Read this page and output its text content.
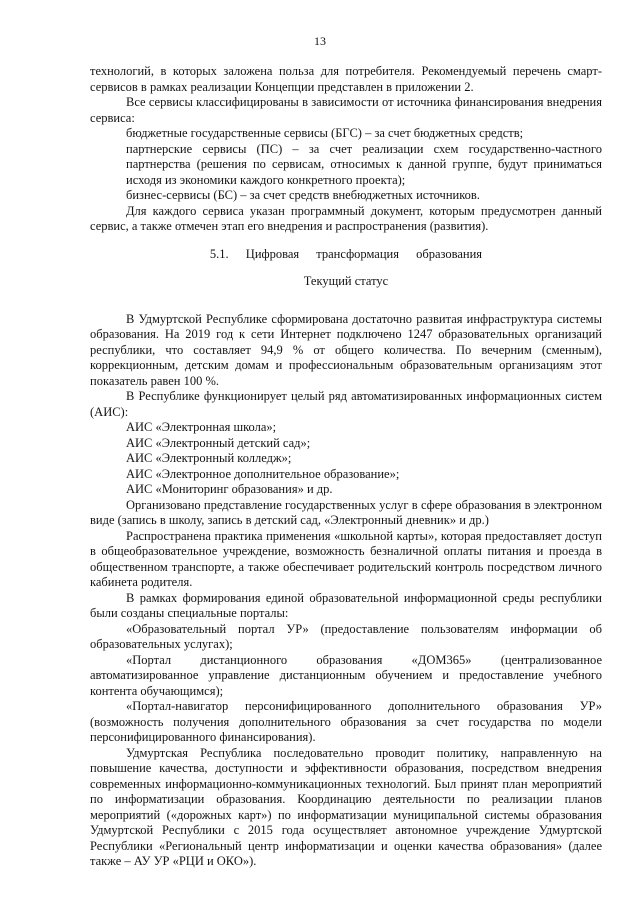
13

технологий, в которых заложена польза для потребителя. Рекомендуемый перечень смарт-сервисов в рамках реализации Концепции представлен в приложении 2.

Все сервисы классифицированы в зависимости от источника финансирования внедрения сервиса:

бюджетные государственные сервисы (БГС) – за счет бюджетных средств;

партнерские сервисы (ПС) – за счет реализации схем государственно-частного партнерства (решения по сервисам, относимых к данной группе, будут приниматься исходя из экономики каждого конкретного проекта);

бизнес-сервисы (БС) – за счет средств внебюджетных источников.

Для каждого сервиса указан программный документ, которым предусмотрен данный сервис, а также отмечен этап его внедрения и распространения (развития).

5.1. Цифровая трансформация образования

Текущий статус

В Удмуртской Республике сформирована достаточно развитая инфраструктура системы образования. На 2019 год к сети Интернет подключено 1247 образовательных организаций республики, что составляет 94,9 % от общего количества. По вечерним (сменным), коррекционным, детским домам и профессиональным образовательным организациям этот показатель равен 100 %.

В Республике функционирует целый ряд автоматизированных информационных систем (АИС):

АИС «Электронная школа»;

АИС «Электронный детский сад»;

АИС «Электронный колледж»;

АИС «Электронное дополнительное образование»;

АИС «Мониторинг образования» и др.

Организовано представление государственных услуг в сфере образования в электронном виде (запись в школу, запись в детский сад, «Электронный дневник» и др.)

Распространена практика применения «школьной карты», которая предоставляет доступ в общеобразовательное учреждение, возможность безналичной оплаты питания и проезда в общественном транспорте, а также обеспечивает родительский контроль посредством личного кабинета родителя.

В рамках формирования единой образовательной информационной среды республики были созданы специальные порталы:

«Образовательный портал УР» (предоставление пользователям информации об образовательных услугах);

«Портал дистанционного образования «ДОМ365» (централизованное автоматизированное управление дистанционным обучением и предоставление учебного контента обучающимся);

«Портал-навигатор персонифицированного дополнительного образования УР» (возможность получения дополнительного образования за счет государства по модели персонифицированного финансирования).

Удмуртская Республика последовательно проводит политику, направленную на повышение качества, доступности и эффективности образования, посредством внедрения современных информационно-коммуникационных технологий. Был принят план мероприятий по информатизации образования. Координацию деятельности по реализации планов мероприятий («дорожных карт») по информатизации муниципальной системы образования Удмуртской Республики с 2015 года осуществляет автономное учреждение Удмуртской Республики «Региональный центр информатизации и оценки качества образования» (далее также – АУ УР «РЦИ и ОКО»).
